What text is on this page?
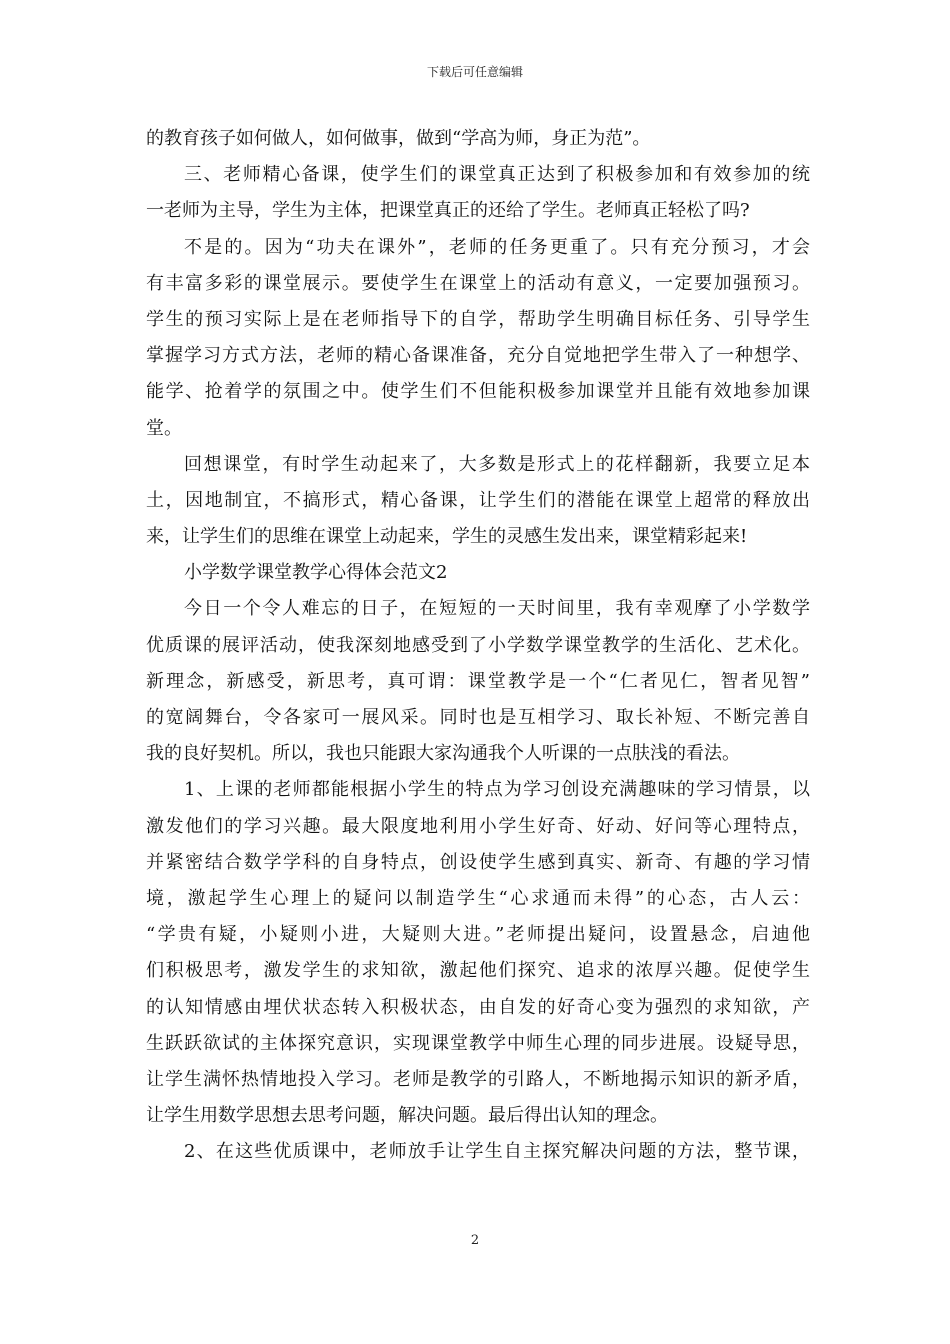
下载后可任意编辑
的教育孩子如何做人，如何做事，做到“学高为师，身正为范”。
三、老师精心备课，使学生们的课堂真正达到了积极参加和有效参加的统
一老师为主导，学生为主体，把课堂真正的还给了学生。老师真正轻松了吗?
不是的。因为“功夫在课外”，老师的任务更重了。只有充分预习，才会
有丰富多彩的课堂展示。要使学生在课堂上的活动有意义，一定要加强预习。
学生的预习实际上是在老师指导下的自学，帮助学生明确目标任务、引导学生
掌握学习方式方法，老师的精心备课准备，充分自觉地把学生带入了一种想学、
能学、抢着学的氛围之中。使学生们不但能积极参加课堂并且能有效地参加课
堂。
回想课堂，有时学生动起来了，大多数是形式上的花样翻新，我要立足本
土，因地制宜，不搞形式，精心备课，让学生们的潜能在课堂上超常的释放出
来，让学生们的思维在课堂上动起来，学生的灵感生发出来，课堂精彩起来!
小学数学课堂教学心得体会范文2
今日一个令人难忘的日子，在短短的一天时间里，我有幸观摩了小学数学
优质课的展评活动，使我深刻地感受到了小学数学课堂教学的生活化、艺术化。
新理念，新感受，新思考，真可谓：课堂教学是一个“仁者见仁，智者见智”
的宽阔舞台，令各家可一展风采。同时也是互相学习、取长补短、不断完善自
我的良好契机。所以，我也只能跟大家沟通我个人听课的一点肤浅的看法。
1、上课的老师都能根据小学生的特点为学习创设充满趣味的学习情景，以
激发他们的学习兴趣。最大限度地利用小学生好奇、好动、好问等心理特点，
并紧密结合数学学科的自身特点，创设使学生感到真实、新奇、有趣的学习情
境，激起学生心理上的疑问以制造学生“心求通而未得”的心态，古人云：
“学贵有疑，小疑则小进，大疑则大进。”老师提出疑问，设置悬念，启迪他
们积极思考，激发学生的求知欲，激起他们探究、追求的浓厚兴趣。促使学生
的认知情感由埋伏状态转入积极状态，由自发的好奇心变为强烈的求知欲，产
生跃跃欲试的主体探究意识，实现课堂教学中师生心理的同步进展。设疑导思，
让学生满怀热情地投入学习。老师是教学的引路人，不断地揭示知识的新矛盾，
让学生用数学思想去思考问题，解决问题。最后得出认知的理念。
2、在这些优质课中，老师放手让学生自主探究解决问题的方法，整节课，
2
